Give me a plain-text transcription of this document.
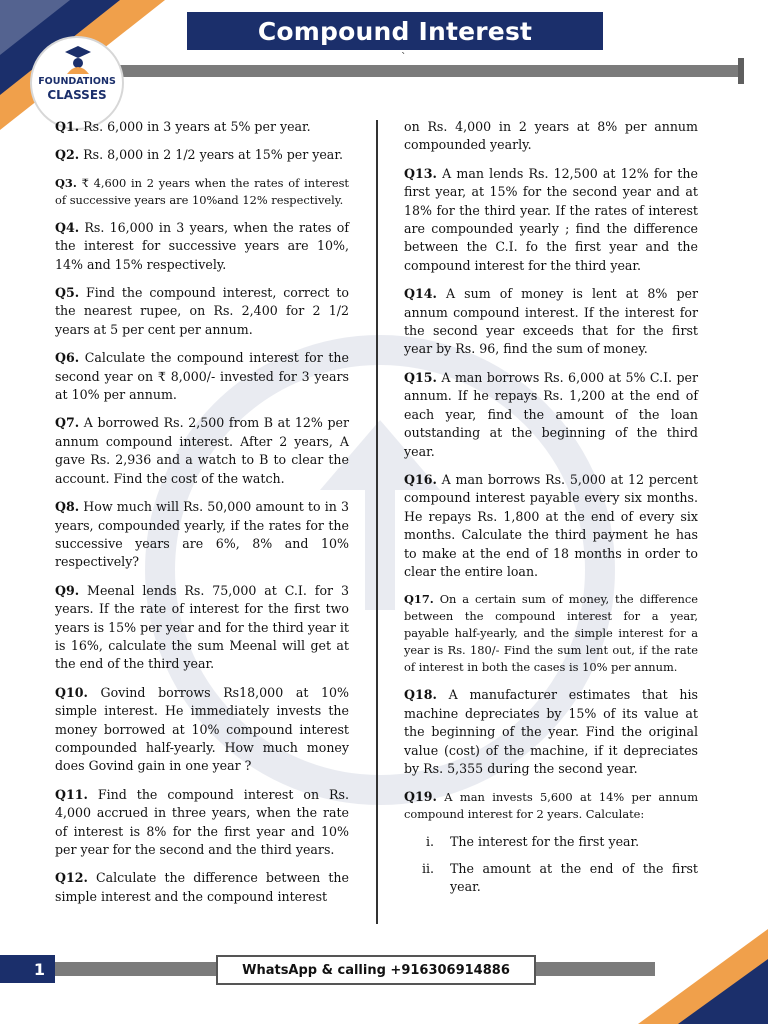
Compound Interest
`
FOUNDATIONS
CLASSES

Q1. Rs. 6,000 in 3 years at 5% per year.

Q2. Rs. 8,000 in 2 1/2 years at 15% per year.

Q3. ₹ 4,600 in 2 years when the rates of interest of successive years are 10%and 12% respectively.

Q4. Rs. 16,000 in 3 years, when the rates of the interest for successive years are 10%, 14% and 15% respectively.

Q5. Find the compound interest, correct to the nearest rupee, on Rs. 2,400 for 2 1/2 years at 5 per cent per annum.

Q6. Calculate the compound interest for the second year on ₹ 8,000/- invested for 3 years at 10% per annum.

Q7. A borrowed Rs. 2,500 from B at 12% per annum compound interest. After 2 years, A gave Rs. 2,936 and a watch to B to clear the account. Find the cost of the watch.

Q8. How much will Rs. 50,000 amount to in 3 years, compounded yearly, if the rates for the successive years are 6%, 8% and 10% respectively?

Q9. Meenal lends Rs. 75,000 at C.I. for 3 years. If the rate of interest for the first two years is 15% per year and for the third year it is 16%, calculate the sum Meenal will get at the end of the third year.

Q10. Govind borrows Rs18,000 at 10% simple interest. He immediately invests the money borrowed at 10% compound interest compounded half-yearly. How much money does Govind gain in one year ?

Q11. Find the compound interest on Rs. 4,000 accrued in three years, when the rate of interest is 8% for the first year and 10% per year for the second and the third years.

Q12. Calculate the difference between the simple interest and the compound interest

on Rs. 4,000 in 2 years at 8% per annum compounded yearly.

Q13. A man lends Rs. 12,500 at 12% for the first year, at 15% for the second year and at 18% for the third year. If the rates of interest are compounded yearly ; find the difference between the C.I. fo the first year and the compound interest for the third year.

Q14. A sum of money is lent at 8% per annum compound interest. If the interest for the second year exceeds that for the first year by Rs. 96, find the sum of money.

Q15. A man borrows Rs. 6,000 at 5% C.I. per annum. If he repays Rs. 1,200 at the end of each year, find the amount of the loan outstanding at the beginning of the third year.

Q16. A man borrows Rs. 5,000 at 12 percent compound interest payable every six months. He repays Rs. 1,800 at the end of every six months. Calculate the third payment he has to make at the end of 18 months in order to clear the entire loan.

Q17. On a certain sum of money, the difference between the compound interest for a year, payable half-yearly, and the simple interest for a year is Rs. 180/- Find the sum lent out, if the rate of interest in both the cases is 10% per annum.

Q18. A manufacturer estimates that his machine depreciates by 15% of its value at the beginning of the year. Find the original value (cost) of the machine, if it depreciates by Rs. 5,355 during the second year.

Q19. A man invests 5,600 at 14% per annum compound interest for 2 years. Calculate:

i.	The interest for the first year.
ii.	The amount at the end of the first year.
1	WhatsApp & calling +916306914886
